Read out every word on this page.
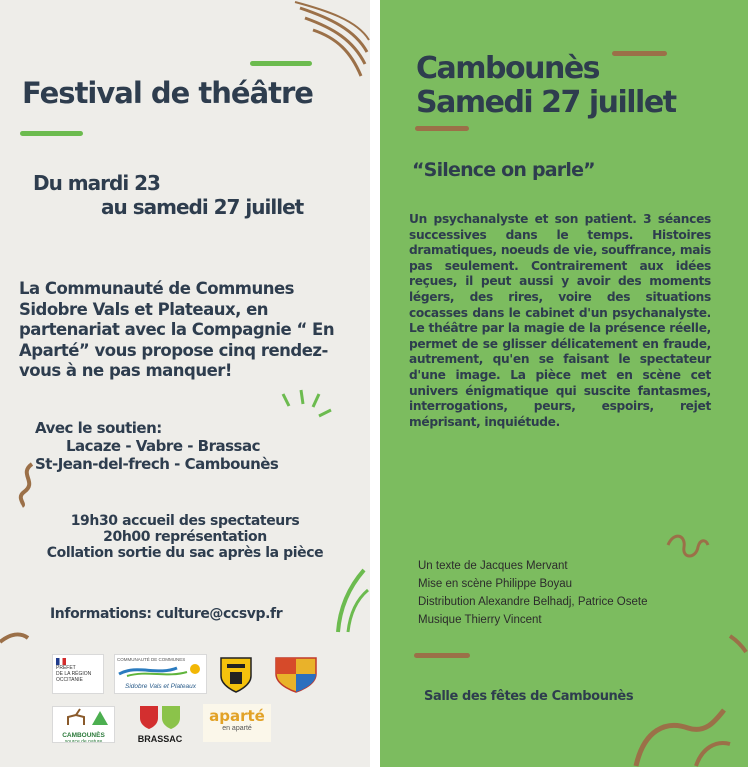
Festival de théâtre
Du mardi 23
au samedi 27 juillet
La Communauté de Communes Sidobre Vals et Plateaux, en partenariat avec la Compagnie “ En Aparté” vous propose cinq rendez-vous à ne pas manquer!
Avec le soutien:
Lacaze - Vabre - Brassac
St-Jean-del-frech - Cambounès
19h30 accueil des spectateurs
20h00 représentation
Collation sortie du sac après la pièce
Informations: culture@ccsvp.fr
PRÉFET
DE LA RÉGION
OCCITANIE
COMMUNAUTÉ DE COMMUNES
Sidobre Vals et Plateaux
CAMBOUNÈS
source de nature	BRASSAC
aparté
en aparté
Cambounès
Samedi 27 juillet
“Silence on parle”
Un psychanalyste et son patient. 3 séances successives dans le temps. Histoires dramatiques, noeuds de vie, souffrance, mais pas seulement. Contrairement aux idées reçues, il peut aussi y avoir des moments légers, des rires, voire des situations cocasses dans le cabinet d'un psychanalyste. Le théâtre par la magie de la présence réelle, permet de se glisser délicatement en fraude, autrement, qu'en se faisant le spectateur d'une image. La pièce met en scène cet univers énigmatique qui suscite fantasmes, interrogations, peurs, espoirs, rejet méprisant, inquiétude.
Un texte de Jacques Mervant
Mise en scène Philippe Boyau
Distribution Alexandre Belhadj, Patrice Osete
Musique Thierry Vincent
Salle des fêtes de Cambounès
